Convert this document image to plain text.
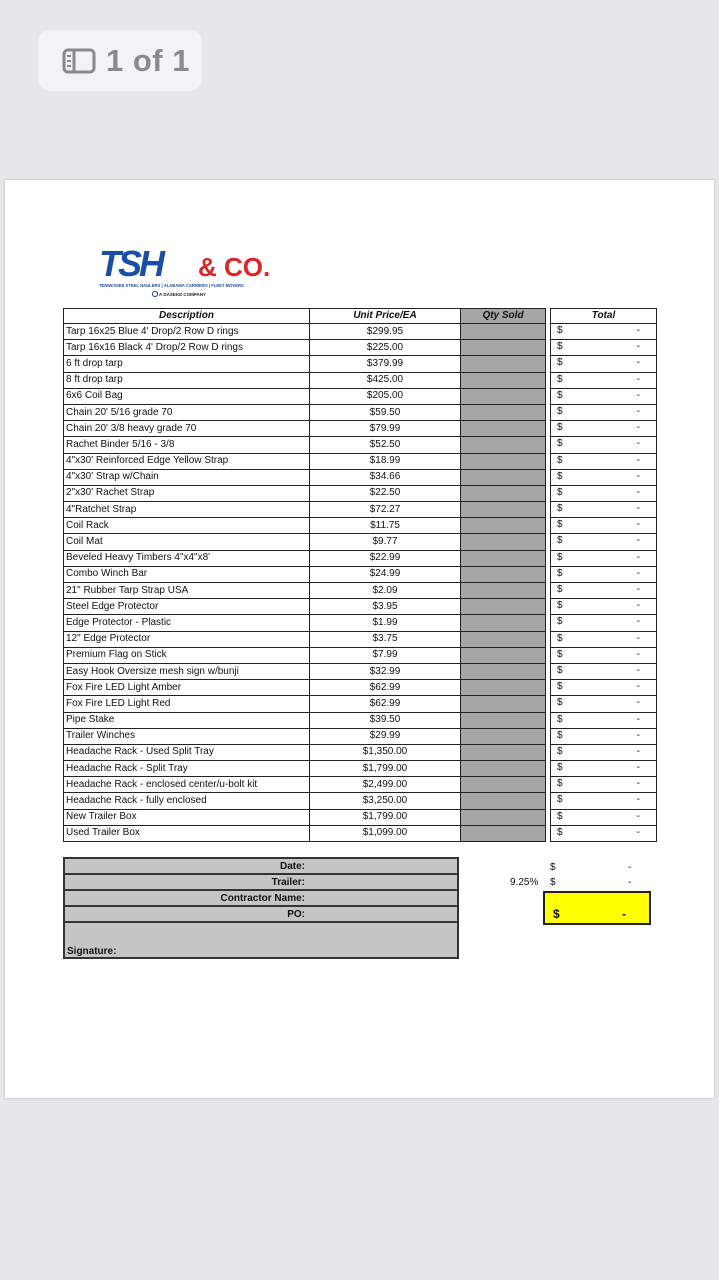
1 of 1
TSH & CO.
TENNESSEE STEEL HAULERS | ALABAMA CARRIERS | FLEET MOVERS
A DASEKE COMPANY
Description	Unit Price/EA	Qty Sold		Total
Tarp 16x25 Blue 4' Drop/2 Row D rings	$299.95			$ -

Tarp 16x16 Black 4' Drop/2 Row D rings	$225.00			$ -

6 ft drop tarp	$379.99			$ -

8 ft drop tarp	$425.00			$ -

6x6 Coil Bag	$205.00			$ -

Chain 20' 5/16 grade 70	$59.50			$ -

Chain 20' 3/8 heavy grade 70	$79.99			$ -

Rachet Binder 5/16 - 3/8	$52.50			$ -

4"x30' Reinforced Edge Yellow Strap	$18.99			$ -

4"x30' Strap w/Chain	$34.66			$ -

2"x30' Rachet Strap	$22.50			$ -

4"Ratchet Strap	$72.27			$ -

Coil Rack	$11.75			$ -

Coil Mat	$9.77			$ -

Beveled Heavy Timbers 4"x4"x8'	$22.99			$ -

Combo Winch Bar	$24.99			$ -

21" Rubber Tarp Strap USA	$2.09			$ -

Steel Edge Protector	$3.95			$ -

Edge Protector - Plastic	$1.99			$ -

12" Edge Protector	$3.75			$ -

Premium Flag on Stick	$7.99			$ -

Easy Hook Oversize mesh sign w/bunji	$32.99			$ -

Fox Fire LED Light Amber	$62.99			$ -

Fox Fire LED Light Red	$62.99			$ -

Pipe Stake	$39.50			$ -

Trailer Winches	$29.99			$ -

Headache Rack - Used Split Tray	$1,350.00			$ -

Headache Rack - Split Tray	$1,799.00			$ -

Headache Rack - enclosed center/u-bolt kit	$2,499.00			$ -

Headache Rack - fully enclosed	$3,250.00			$ -

New Trailer Box	$1,799.00			$ -

Used Trailer Box	$1,099.00			$ -
Date:
Trailer:
Contractor Name:
PO:
Signature:
$	-
9.25% $	-
$	-
